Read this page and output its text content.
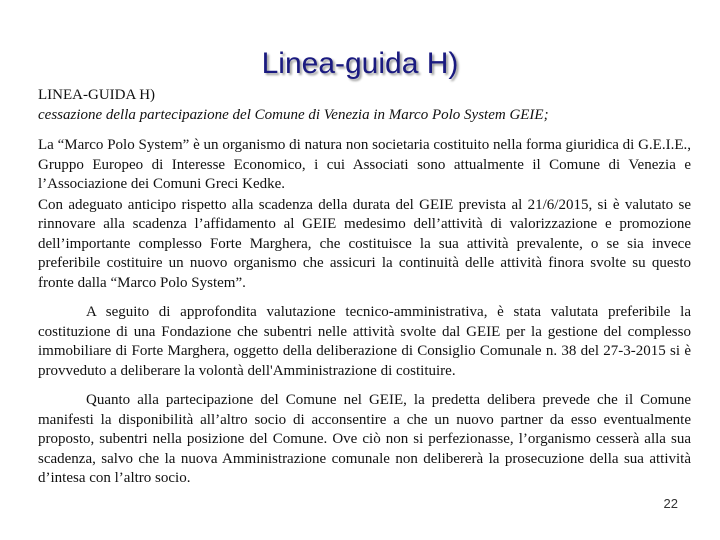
Linea-guida H)

LINEA-GUIDA H)

cessazione della partecipazione del Comune di Venezia in Marco Polo System GEIE;

La “Marco Polo System” è un organismo di natura non societaria costituito nella forma giuridica di G.E.I.E., Gruppo Europeo di Interesse Economico, i cui Associati sono attualmente il Comune di Venezia e l’Associazione dei Comuni Greci Kedke.

Con adeguato anticipo rispetto alla scadenza della durata del GEIE prevista al 21/6/2015, si è valutato se rinnovare alla scadenza l’affidamento al GEIE medesimo dell’attività di valorizzazione e promozione dell’importante complesso Forte Marghera, che costituisce la sua attività prevalente, o se sia invece preferibile costituire un nuovo organismo che assicuri la continuità delle attività finora svolte su questo fronte dalla “Marco Polo System”.

A seguito di approfondita valutazione tecnico-amministrativa, è stata valutata preferibile la costituzione di una Fondazione che subentri nelle attività svolte dal GEIE per la gestione del complesso immobiliare di Forte Marghera, oggetto della deliberazione di Consiglio Comunale n. 38 del 27-3-2015 si è provveduto a deliberare la volontà dell'Amministrazione di costituire.

Quanto alla partecipazione del Comune nel GEIE, la predetta delibera prevede che il Comune manifesti la disponibilità all’altro socio di acconsentire a che un nuovo partner da esso eventualmente proposto, subentri nella posizione del Comune. Ove ciò non si perfezionasse, l’organismo cesserà alla sua scadenza, salvo che la nuova Amministrazione comunale non delibererà la prosecuzione della sua attività d’intesa con l’altro socio.

22
